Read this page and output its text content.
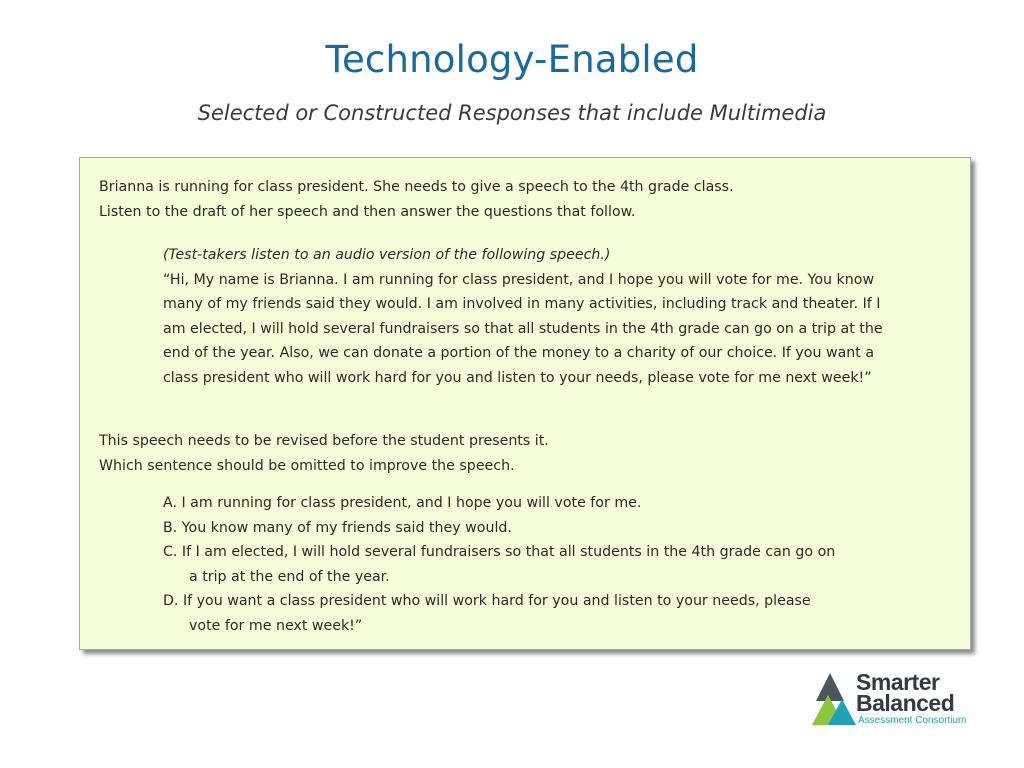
Technology-Enabled
Selected or Constructed Responses that include Multimedia
Brianna is running for class president. She needs to give a speech to the 4th grade class.
Listen to the draft of her speech and then answer the questions that follow.
(Test-takers listen to an audio version of the following speech.)
“Hi, My name is Brianna. I am running for class president, and I hope you will vote for me. You know
many of my friends said they would. I am involved in many activities, including track and theater. If I
am elected, I will hold several fundraisers so that all students in the 4th grade can go on a trip at the
end of the year. Also, we can donate a portion of the money to a charity of our choice. If you want a
class president who will work hard for you and listen to your needs, please vote for me next week!”
This speech needs to be revised before the student presents it.
Which sentence should be omitted to improve the speech.
A. I am running for class president, and I hope you will vote for me.
B. You know many of my friends said they would.
C. If I am elected, I will hold several fundraisers so that all students in the 4th grade can go on
a trip at the end of the year.
D. If you want a class president who will work hard for you and listen to your needs, please
vote for me next week!”
Smarter
Balanced
Assessment Consortium
